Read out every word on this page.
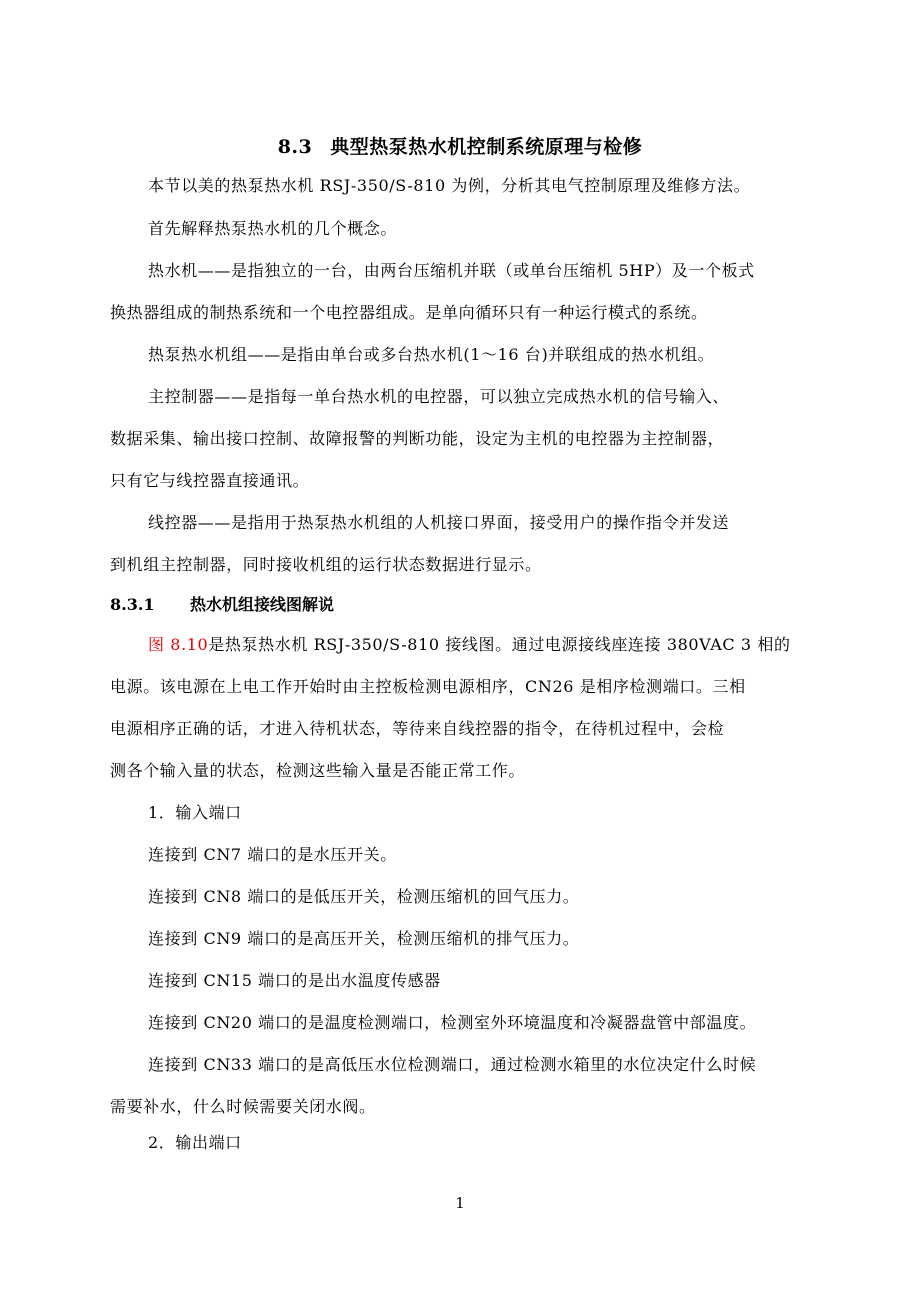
8.3 典型热泵热水机控制系统原理与检修
本节以美的热泵热水机 RSJ-350/S-810 为例，分析其电气控制原理及维修方法。
首先解释热泵热水机的几个概念。
热水机——是指独立的一台，由两台压缩机并联（或单台压缩机 5HP）及一个板式
换热器组成的制热系统和一个电控器组成。是单向循环只有一种运行模式的系统。
热泵热水机组——是指由单台或多台热水机(1～16 台)并联组成的热水机组。
主控制器——是指每一单台热水机的电控器，可以独立完成热水机的信号输入、
数据采集、输出接口控制、故障报警的判断功能，设定为主机的电控器为主控制器，
只有它与线控器直接通讯。
线控器——是指用于热泵热水机组的人机接口界面，接受用户的操作指令并发送
到机组主控制器，同时接收机组的运行状态数据进行显示。
8.3.1 热水机组接线图解说
图 8.10是热泵热水机 RSJ-350/S-810 接线图。通过电源接线座连接 380VAC 3 相的
电源。该电源在上电工作开始时由主控板检测电源相序，CN26 是相序检测端口。三相
电源相序正确的话，才进入待机状态，等待来自线控器的指令，在待机过程中，会检
测各个输入量的状态，检测这些输入量是否能正常工作。
1．输入端口
连接到 CN7 端口的是水压开关。
连接到 CN8 端口的是低压开关，检测压缩机的回气压力。
连接到 CN9 端口的是高压开关，检测压缩机的排气压力。
连接到 CN15 端口的是出水温度传感器
连接到 CN20 端口的是温度检测端口，检测室外环境温度和冷凝器盘管中部温度。
连接到 CN33 端口的是高低压水位检测端口，通过检测水箱里的水位决定什么时候
需要补水，什么时候需要关闭水阀。
2．输出端口
1
